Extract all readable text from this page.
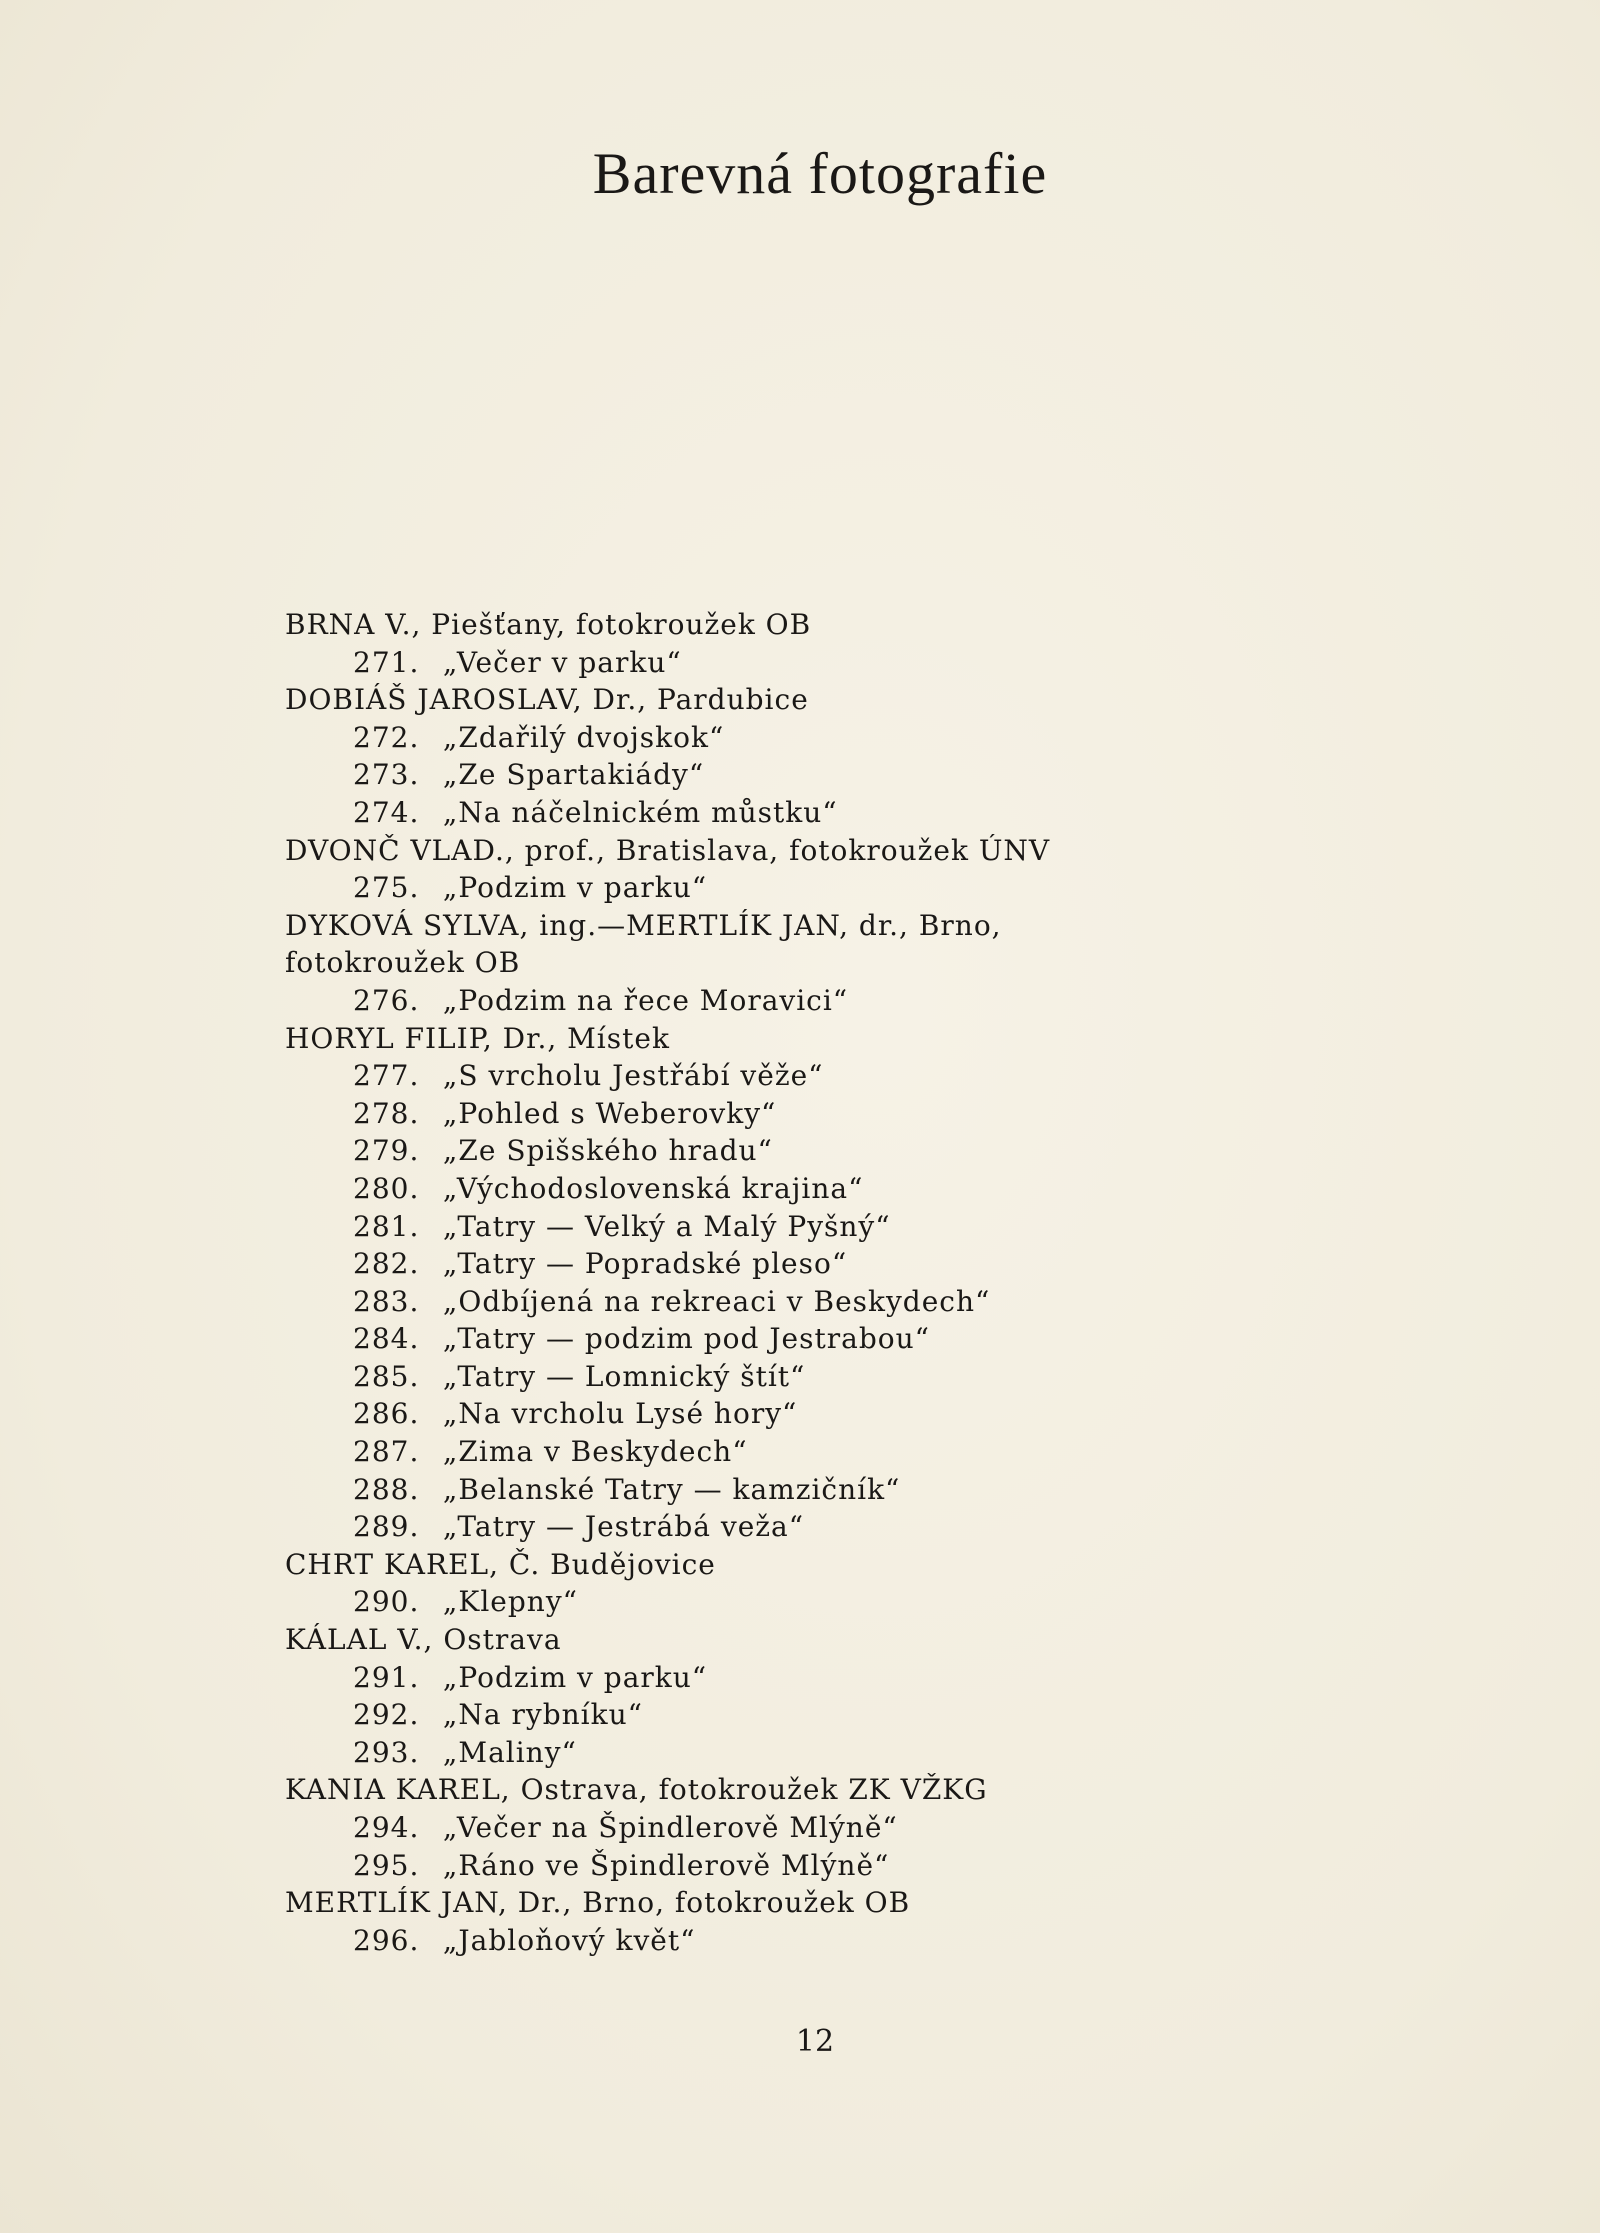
Barevná fotografie
BRNA V., Piešťany, fotokroužek OB
271. „Večer v parku“
DOBIÁŠ JAROSLAV, Dr., Pardubice
272. „Zdařilý dvojskok“
273. „Ze Spartakiády“
274. „Na náčelnickém můstku“
DVONČ VLAD., prof., Bratislava, fotokroužek ÚNV
275. „Podzim v parku“
DYKOVÁ SYLVA, ing.—MERTLÍK JAN, dr., Brno,
fotokroužek OB
276. „Podzim na řece Moravici“
HORYL FILIP, Dr., Místek
277. „S vrcholu Jestřábí věže“
278. „Pohled s Weberovky“
279. „Ze Spišského hradu“
280. „Východoslovenská krajina“
281. „Tatry — Velký a Malý Pyšný“
282. „Tatry — Popradské pleso“
283. „Odbíjená na rekreaci v Beskydech“
284. „Tatry — podzim pod Jestrabou“
285. „Tatry — Lomnický štít“
286. „Na vrcholu Lysé hory“
287. „Zima v Beskydech“
288. „Belanské Tatry — kamzičník“
289. „Tatry — Jestrábá veža“
CHRT KAREL, Č. Budějovice
290. „Klepny“
KÁLAL V., Ostrava
291. „Podzim v parku“
292. „Na rybníku“
293. „Maliny“
KANIA KAREL, Ostrava, fotokroužek ZK VŽKG
294. „Večer na Špindlerově Mlýně“
295. „Ráno ve Špindlerově Mlýně“
MERTLÍK JAN, Dr., Brno, fotokroužek OB
296. „Jabloňový květ“
12
